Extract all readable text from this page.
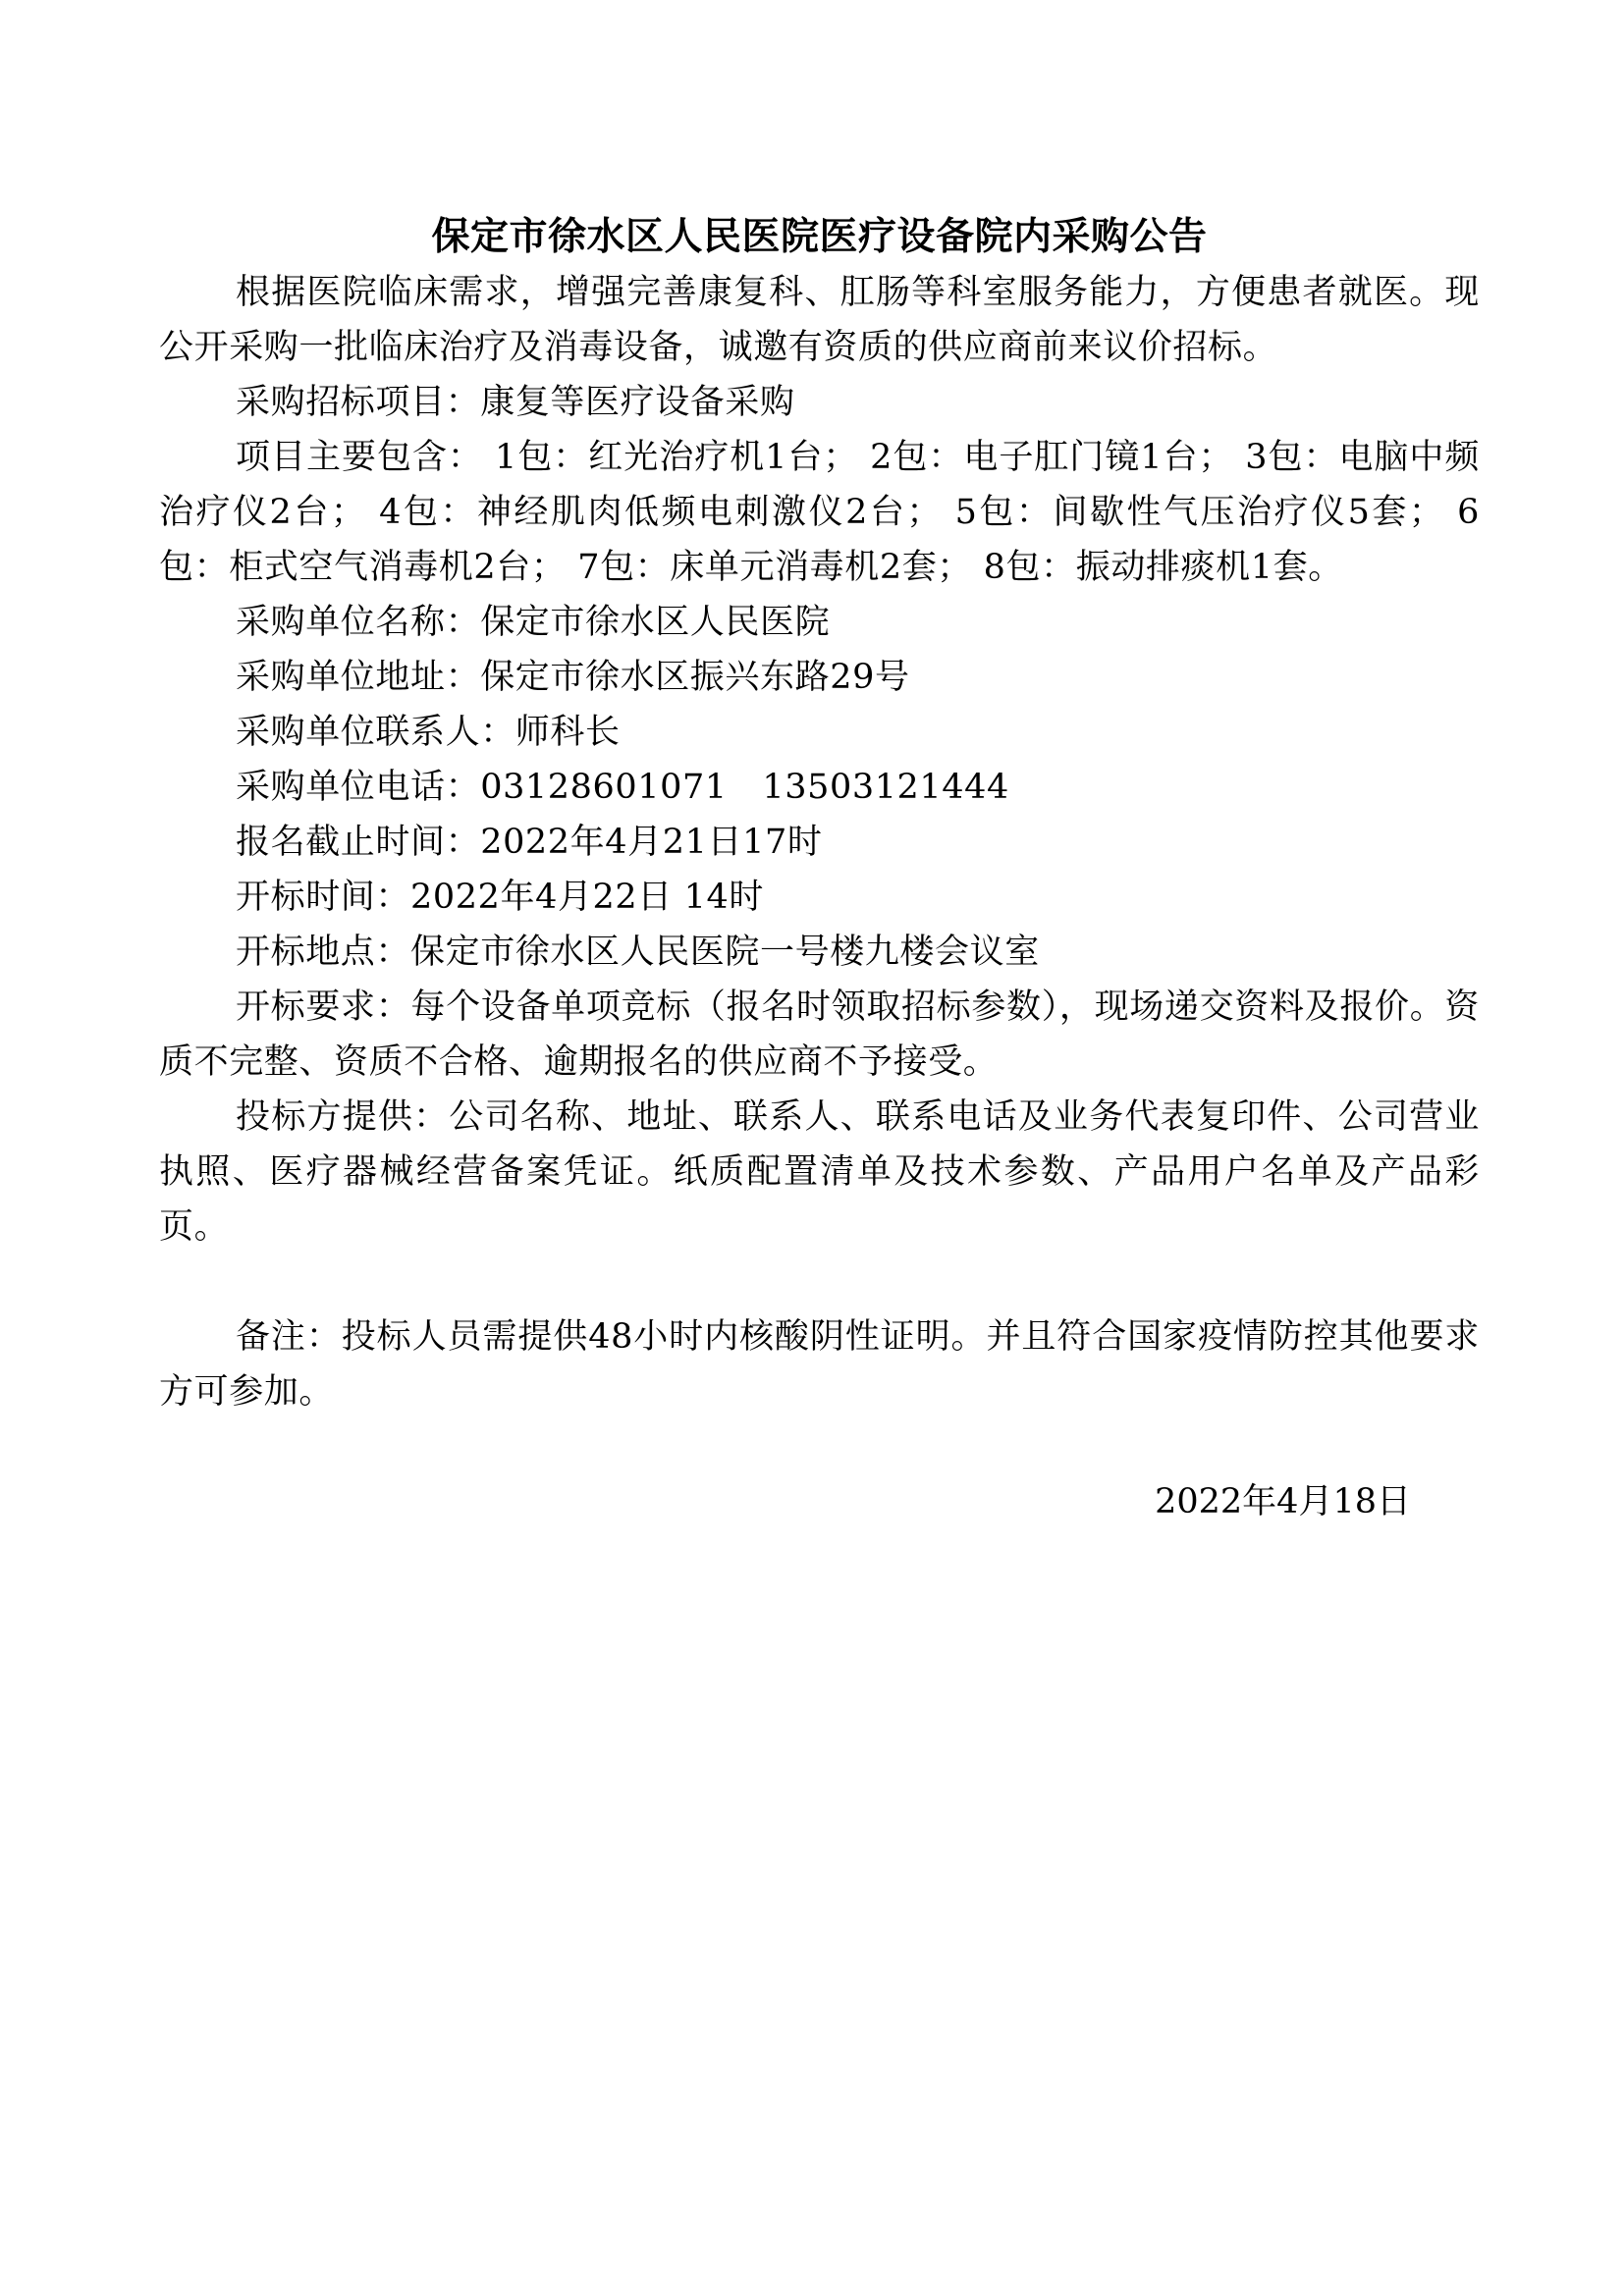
保定市徐水区人民医院医疗设备院内采购公告

根据医院临床需求，增强完善康复科、肛肠等科室服务能力，方便患者就医。现公开采购一批临床治疗及消毒设备，诚邀有资质的供应商前来议价招标。

采购招标项目：康复等医疗设备采购

项目主要包含： 1包：红光治疗机1台； 2包：电子肛门镜1台； 3包：电脑中频治疗仪2台； 4包：神经肌肉低频电刺激仪2台； 5包：间歇性气压治疗仪5套； 6包：柜式空气消毒机2台； 7包：床单元消毒机2套； 8包：振动排痰机1套。

采购单位名称：保定市徐水区人民医院

采购单位地址：保定市徐水区振兴东路29号

采购单位联系人：师科长

采购单位电话：03128601071　13503121444

报名截止时间：2022年4月21日17时

开标时间：2022年4月22日 14时

开标地点：保定市徐水区人民医院一号楼九楼会议室

开标要求：每个设备单项竞标（报名时领取招标参数），现场递交资料及报价。资质不完整、资质不合格、逾期报名的供应商不予接受。

投标方提供：公司名称、地址、联系人、联系电话及业务代表复印件、公司营业执照、医疗器械经营备案凭证。纸质配置清单及技术参数、产品用户名单及产品彩页。

备注：投标人员需提供48小时内核酸阴性证明。并且符合国家疫情防控其他要求方可参加。

2022年4月18日
